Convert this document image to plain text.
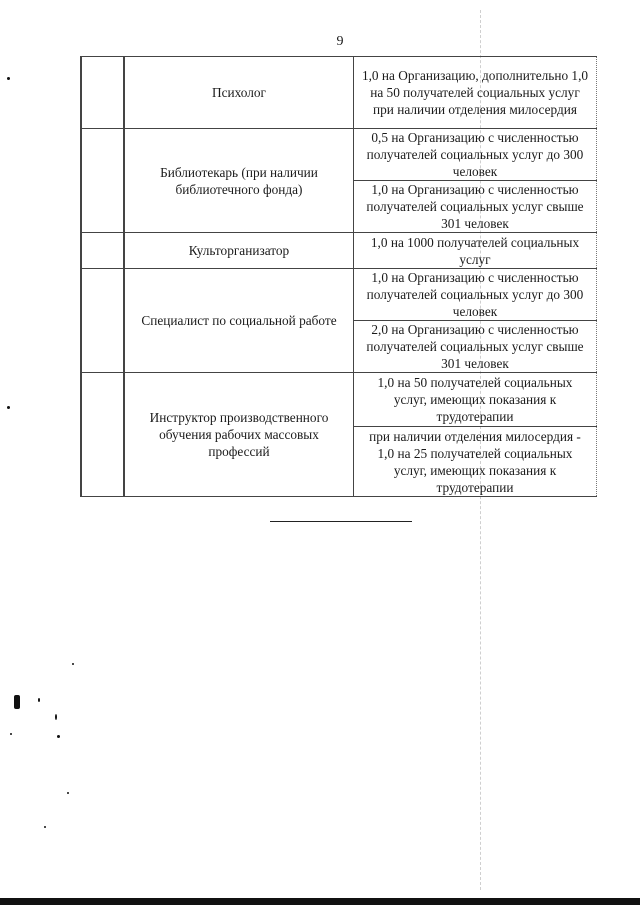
9
	Психолог	1,0 на Организацию, дополнительно 1,0 на 50 получателей социальных услуг при наличии отделения милосердия
	Библиотекарь (при наличии библиотечного фонда)	0,5 на Организацию с численностью получателей социальных услуг до 300 человек
		1,0 на Организацию с численностью получателей социальных услуг свыше 301 человек
	Культорганизатор	1,0 на 1000 получателей социальных услуг
	Специалист по социальной работе	1,0 на Организацию с численностью получателей социальных услуг до 300 человек
		2,0 на Организацию с численностью получателей социальных услуг свыше 301 человек
	Инструктор производственного обучения рабочих массовых профессий	1,0 на 50 получателей социальных услуг, имеющих показания к трудотерапии
		при наличии отделения милосердия - 1,0 на 25 получателей социальных услуг, имеющих показания к трудотерапии
